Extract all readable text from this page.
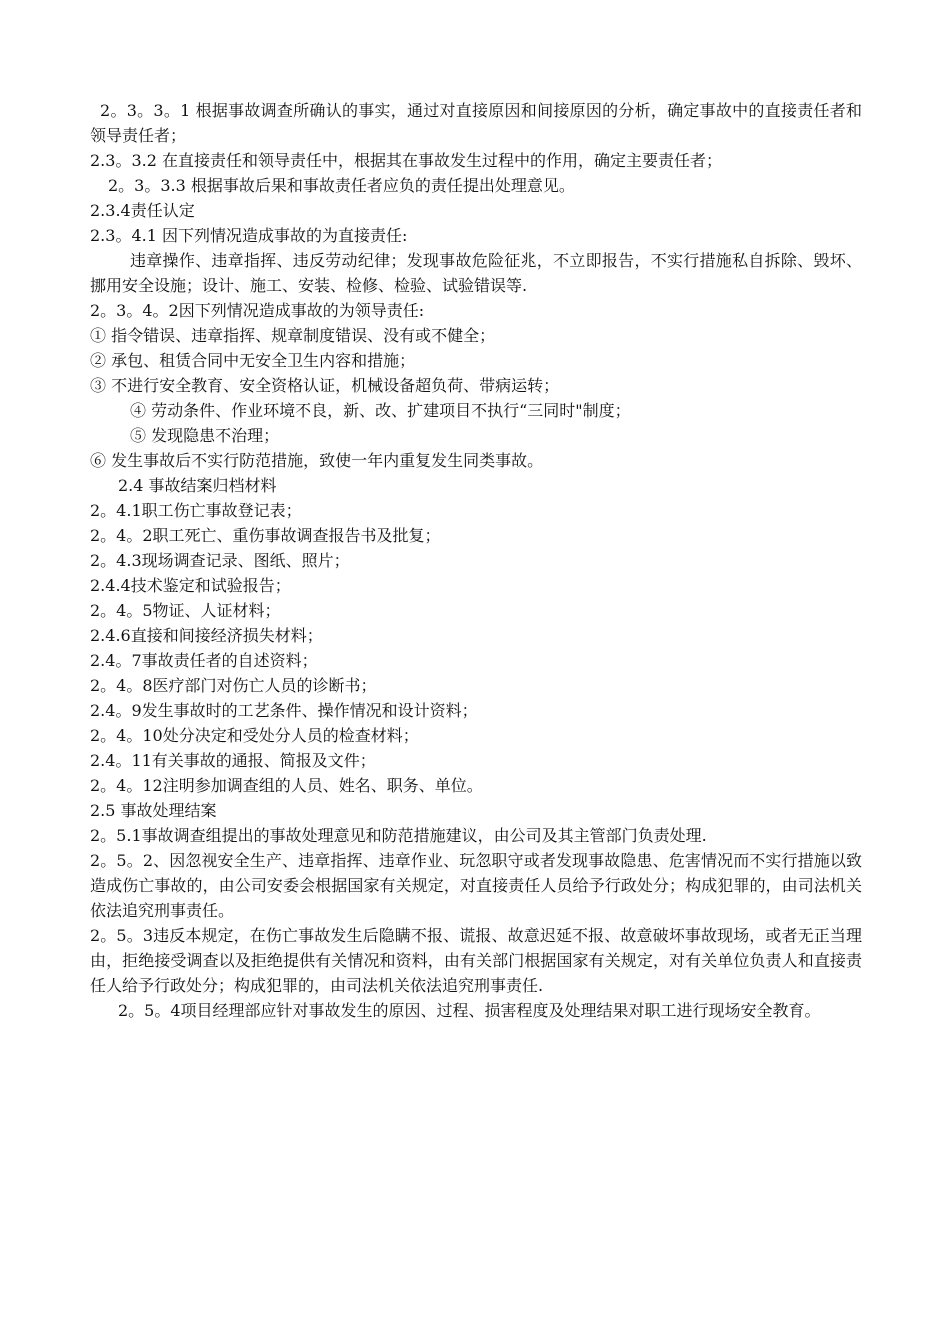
2。3。3。1 根据事故调查所确认的事实，通过对直接原因和间接原因的分析，确定事故中的直接责任者和领导责任者；

2.3。3.2 在直接责任和领导责任中，根据其在事故发生过程中的作用，确定主要责任者；

2。3。3.3 根据事故后果和事故责任者应负的责任提出处理意见。

2.3.4责任认定

2.3。4.1 因下列情况造成事故的为直接责任:

违章操作、违章指挥、违反劳动纪律；发现事故危险征兆，不立即报告，不实行措施私自拆除、毁坏、挪用安全设施；设计、施工、安装、检修、检验、试验错误等.

2。3。4。2因下列情况造成事故的为领导责任:

① 指令错误、违章指挥、规章制度错误、没有或不健全；

② 承包、租赁合同中无安全卫生内容和措施；

③ 不进行安全教育、安全资格认证，机械设备超负荷、带病运转；

④ 劳动条件、作业环境不良，新、改、扩建项目不执行“三同时"制度；

⑤ 发现隐患不治理；

⑥ 发生事故后不实行防范措施，致使一年内重复发生同类事故。

2.4 事故结案归档材料

2。4.1职工伤亡事故登记表；

2。4。2职工死亡、重伤事故调查报告书及批复；

2。4.3现场调查记录、图纸、照片；

2.4.4技术鉴定和试验报告；

2。4。5物证、人证材料；

2.4.6直接和间接经济损失材料；

2.4。7事故责任者的自述资料；

2。4。8医疗部门对伤亡人员的诊断书；

2.4。9发生事故时的工艺条件、操作情况和设计资料；

2。4。10处分决定和受处分人员的检查材料；

2.4。11有关事故的通报、简报及文件；

2。4。12注明参加调查组的人员、姓名、职务、单位。

2.5 事故处理结案

2。5.1事故调查组提出的事故处理意见和防范措施建议，由公司及其主管部门负责处理.

2。5。2、因忽视安全生产、违章指挥、违章作业、玩忽职守或者发现事故隐患、危害情况而不实行措施以致造成伤亡事故的，由公司安委会根据国家有关规定，对直接责任人员给予行政处分；构成犯罪的，由司法机关依法追究刑事责任。

2。5。3违反本规定，在伤亡事故发生后隐瞒不报、谎报、故意迟延不报、故意破坏事故现场，或者无正当理由，拒绝接受调查以及拒绝提供有关情况和资料，由有关部门根据国家有关规定，对有关单位负责人和直接责任人给予行政处分；构成犯罪的，由司法机关依法追究刑事责任.

2。5。4项目经理部应针对事故发生的原因、过程、损害程度及处理结果对职工进行现场安全教育。
